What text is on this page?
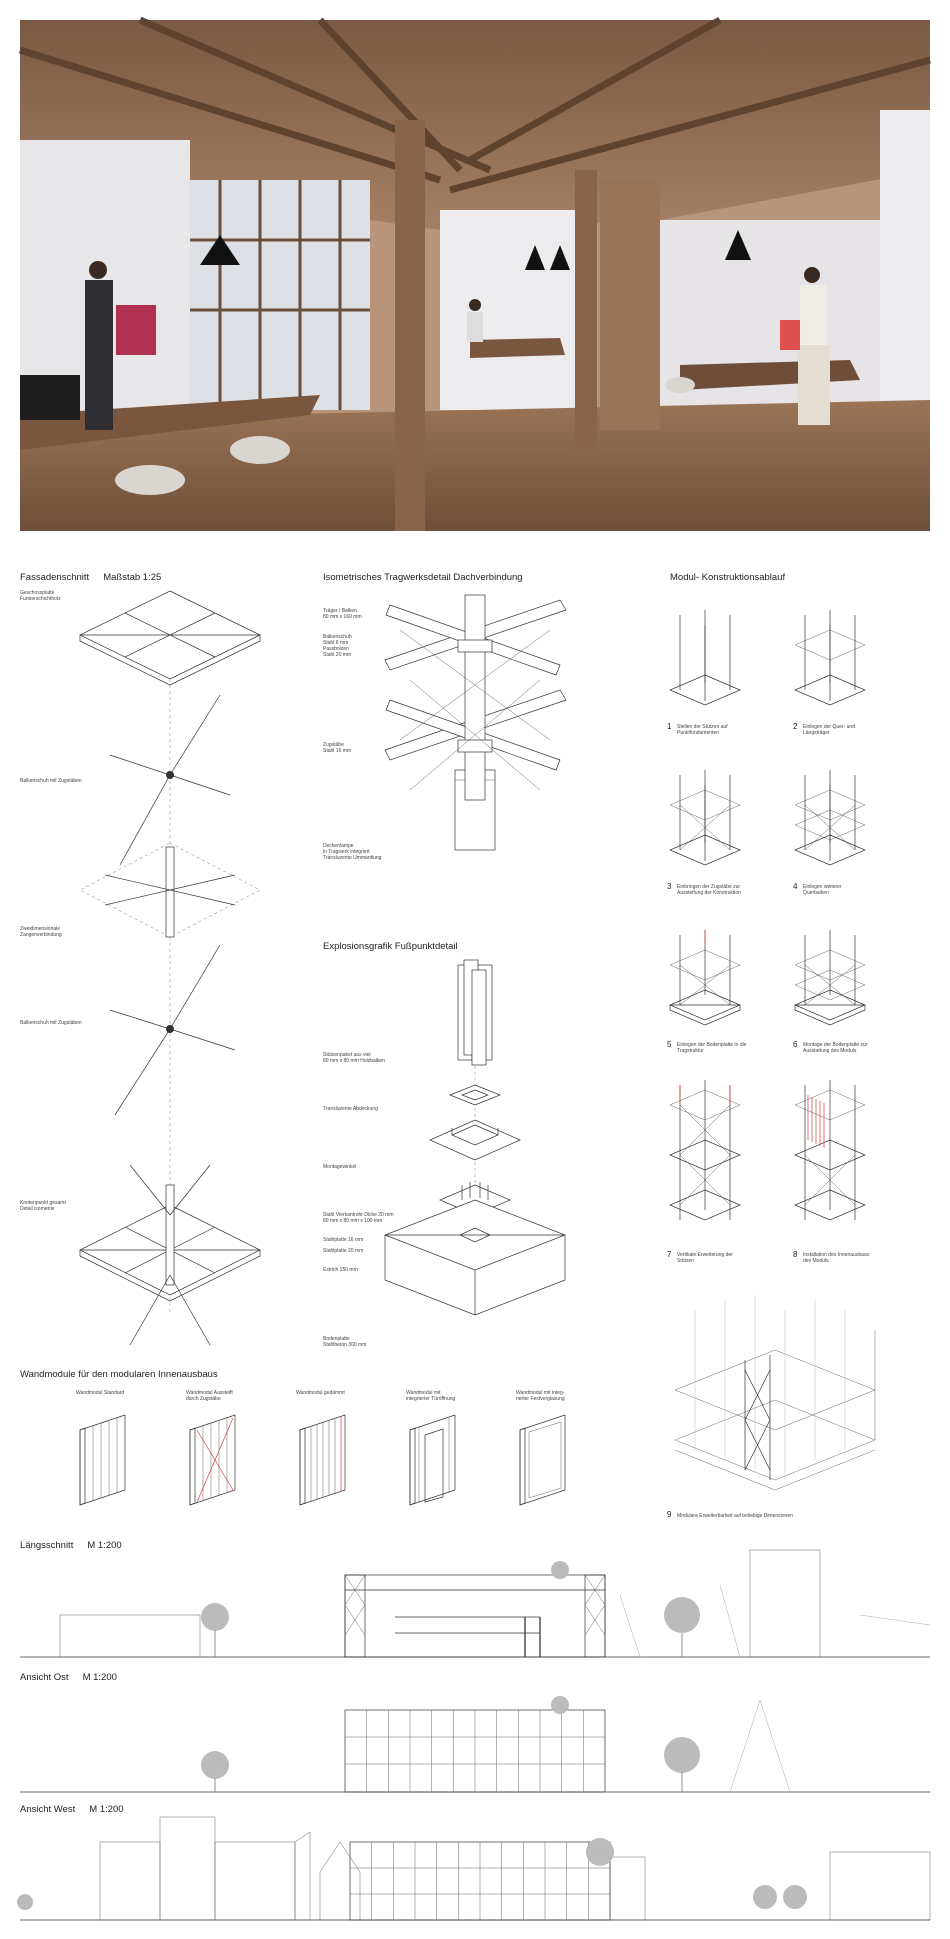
Fassadenschnitt Maßstab 1:25
Geschossplatte
Furnierschichtholz
Balkenschuh mit Zugstäben
Zweidimensionale
Zangenverbindung
Balkenschuh mit Zugstäben
Knotenpunkt gesamt
Detail isometrie
Isometrisches Tragwerksdetail Dachverbindung
Träger / Balken
80 mm x 160 mm
Balkenschuh
Stahl 6 mm
Passbolzen
Stahl 20 mm
Zugstäbe
Stahl 16 mm
Deckenlampe
in Tragwerk integriert
Transluzente Ummantlung
Explosionsgrafik Fußpunktdetail
Stützenpaket aus vier
80 mm x 80 mm Holzbalken
Transluzente Abdeckung
Montagewinkel
Stahl Vierkantrohr Dicke 20 mm
80 mm x 80 mm x 100 mm
Stahlplatte 16 mm
Stahlplatte 20 mm
Estrich 150 mm
Bodenplatte
Stahlbeton 300 mm
Modul- Konstruktionsablauf
1 Stellen der Stützen auf
Punktfundamenten
2 Einlegen der Quer- und
Längsträger
3 Einbringen der Zugstäbe zur
Aussteifung der Konstruktion
4 Einlegen weiterer
Querbalken
5 Einlegen der Bodenplatte in die
Tragstruktur
6 Montage der Bodenplatte zur
Ausstattung des Moduls
7 Vertikale Erweiterung der
Stützen
8 Installation des Innenausbaus
des Moduls
9 Modulare Erweiterbarkeit auf beliebige Dimensionen
Wandmodule für den modularen Innenausbaus
Wandmodul Standard	Wandmodul Aussteift
durch Zugstäbe
Wandmodul gedämmt	Wandmodul mit
integrierter Türöffnung
Wandmodul mit integ-
rierter Festverglasung
Längsschnitt M 1:200
Ansicht Ost M 1:200
Ansicht West M 1:200
